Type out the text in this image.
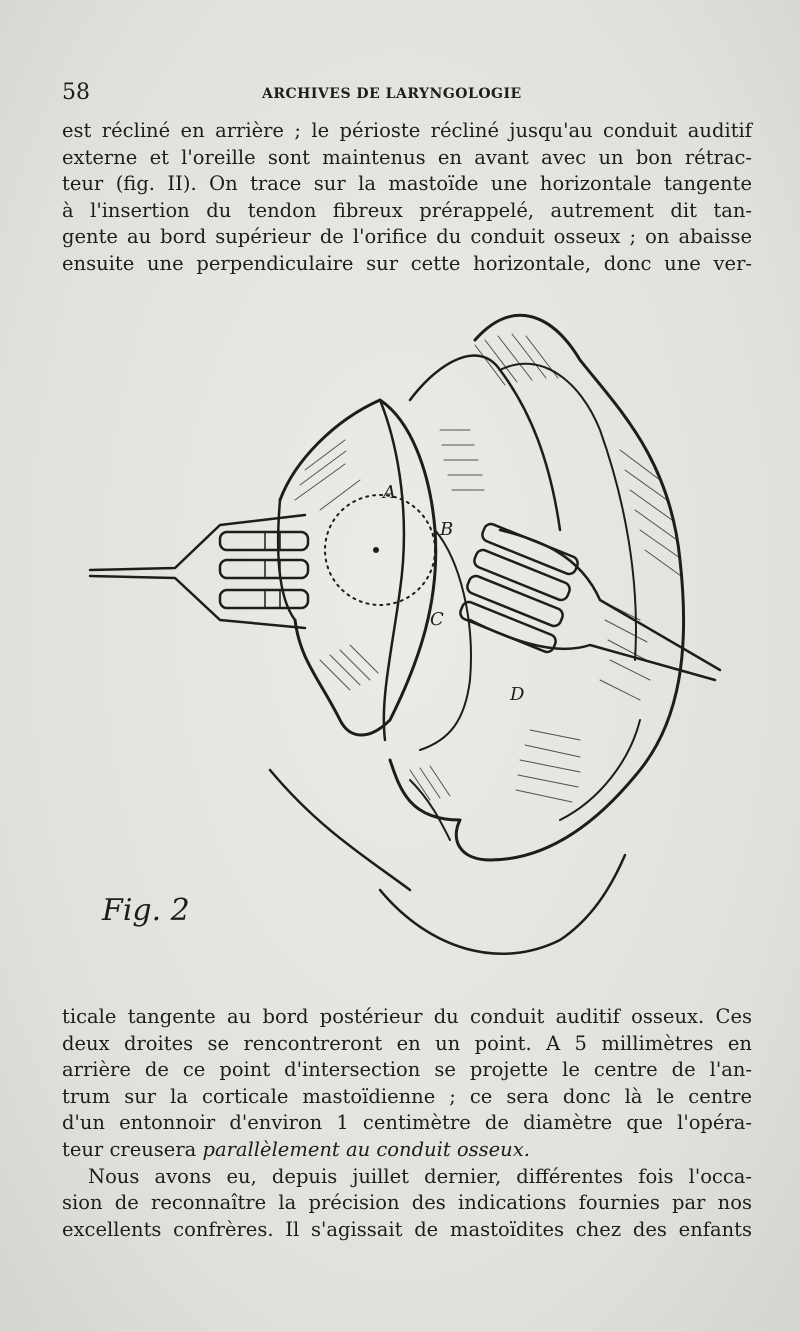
58	ARCHIVES DE LARYNGOLOGIE

est récliné en arrière ; le périoste récliné jusqu'au conduit auditif
externe et l'oreille sont maintenus en avant avec un bon rétrac-
teur (fig. II). On trace sur la mastoïde une horizontale tangente
à l'insertion du tendon fibreux prérappelé, autrement dit tan-
gente au bord supérieur de l'orifice du conduit osseux ; on abaisse
ensuite une perpendiculaire sur cette horizontale, donc une ver-

A
B
C
D
Fig. 2

ticale tangente au bord postérieur du conduit auditif osseux. Ces
deux droites se rencontreront en un point. A 5 millimètres en
arrière de ce point d'intersection se projette le centre de l'an-
trum sur la corticale mastoïdienne ; ce sera donc là le centre
d'un entonnoir d'environ 1 centimètre de diamètre que l'opéra-
teur creusera parallèlement au conduit osseux.
Nous avons eu, depuis juillet dernier, différentes fois l'occa-
sion de reconnaître la précision des indications fournies par nos
excellents confrères. Il s'agissait de mastoïdites chez des enfants
